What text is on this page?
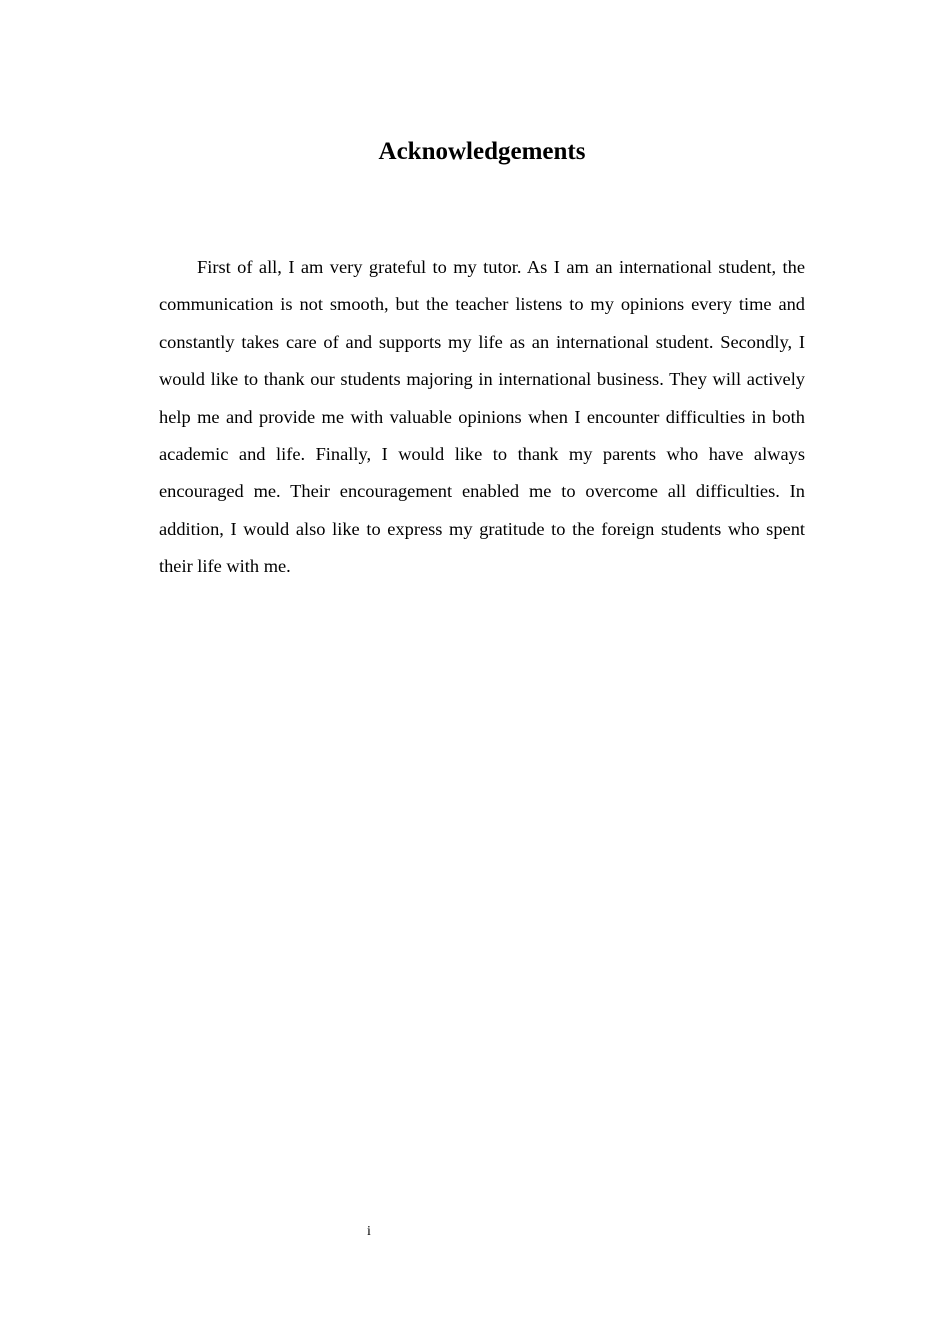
Acknowledgements

First of all, I am very grateful to my tutor. As I am an international student, the communication is not smooth, but the teacher listens to my opinions every time and constantly takes care of and supports my life as an international student. Secondly, I would like to thank our students majoring in international business. They will actively help me and provide me with valuable opinions when I encounter difficulties in both academic and life. Finally, I would like to thank my parents who have always encouraged me. Their encouragement enabled me to overcome all difficulties. In addition, I would also like to express my gratitude to the foreign students who spent their life with me.

i
